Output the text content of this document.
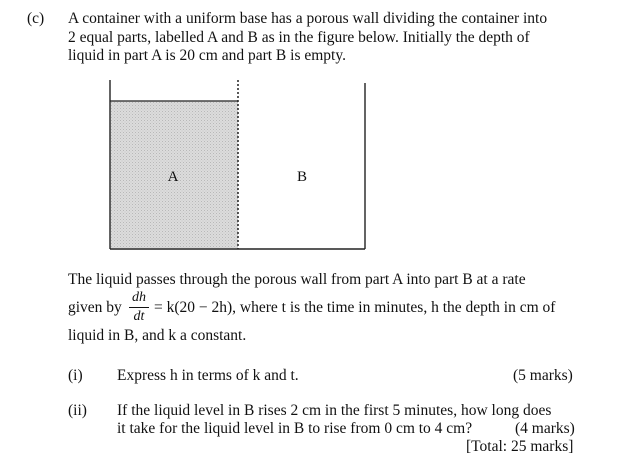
(c) A container with a uniform base has a porous wall dividing the container into
2 equal parts, labelled A and B as in the figure below. Initially the depth of
liquid in part A is 20 cm and part B is empty.
A	B
The liquid passes through the porous wall from part A into part B at a rate
given by
dh
dt
= k(20 − 2h), where t is the time in minutes, h the depth in cm of
liquid in B, and k a constant.
(i) Express h in terms of k and t.	(5 marks)
(ii) If the liquid level in B rises 2 cm in the first 5 minutes, how long does
it take for the liquid level in B to rise from 0 cm to 4 cm?	(4 marks)
[Total: 25 marks]
